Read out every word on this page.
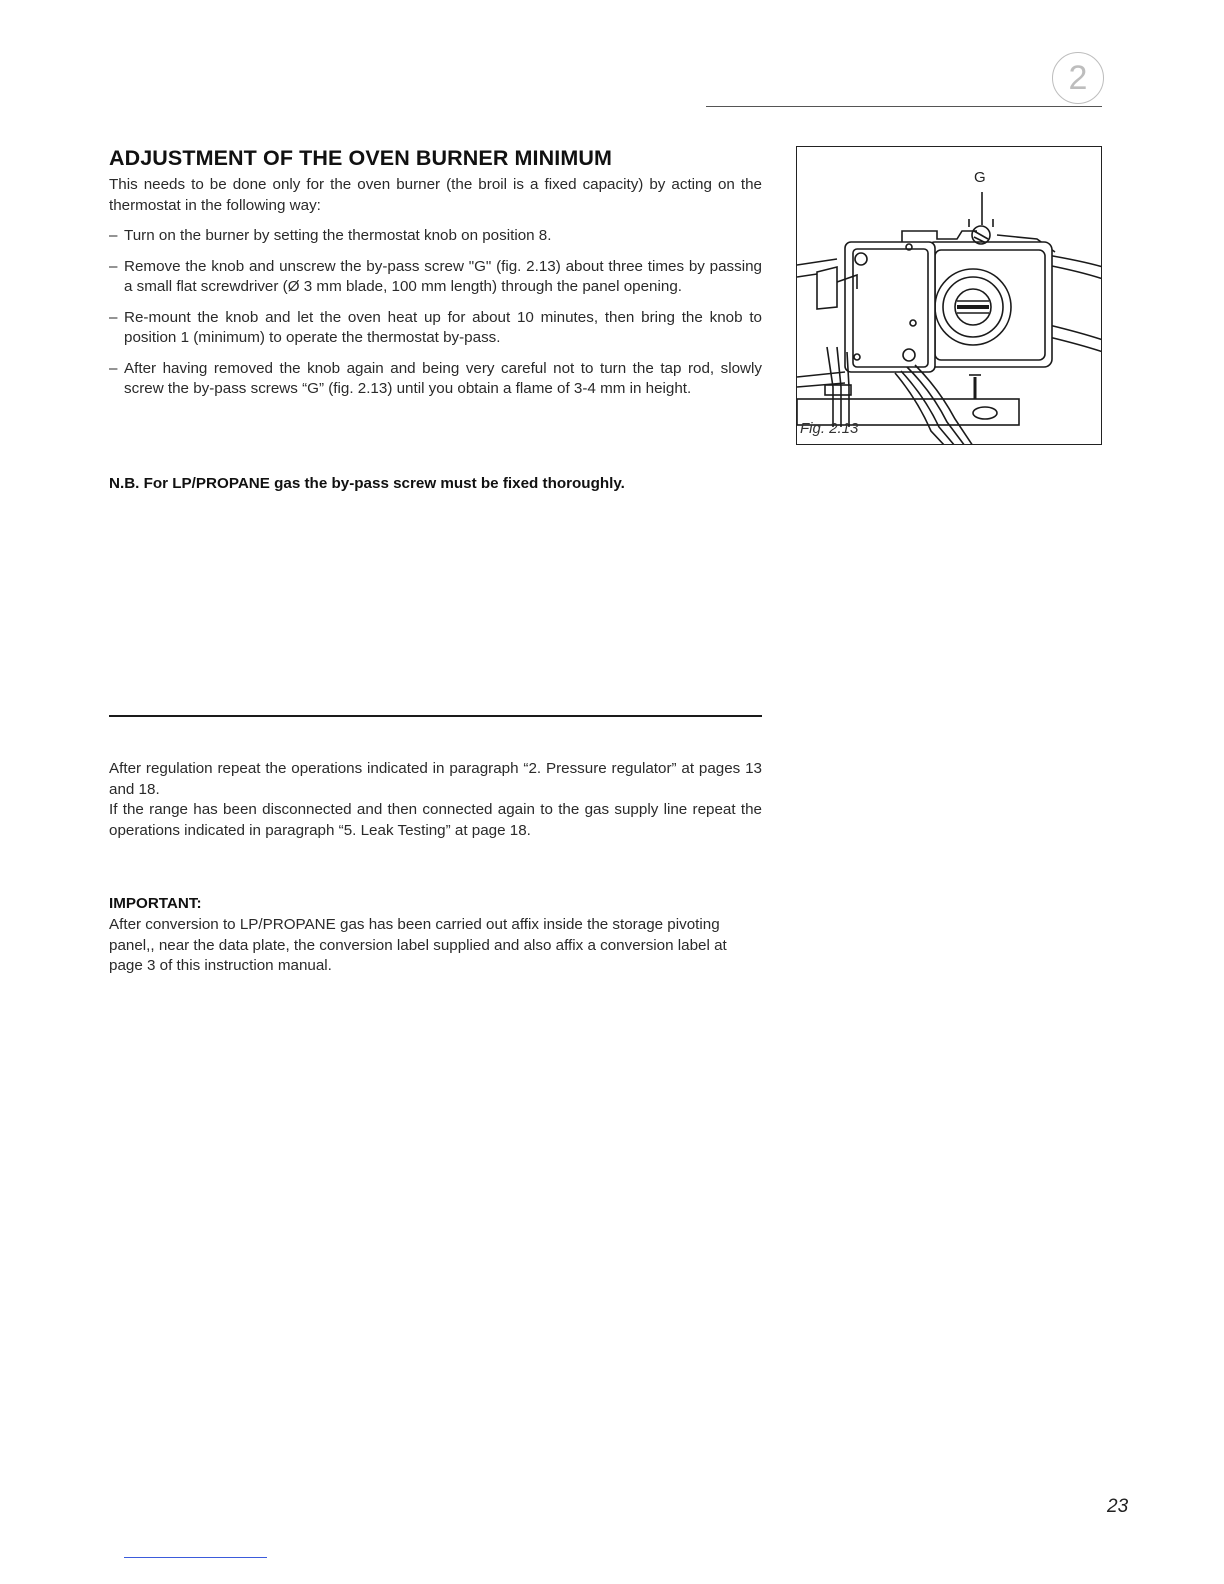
2
ADJUSTMENT OF THE OVEN BURNER MINIMUM
This needs to be done only for the oven burner (the broil is a fixed capacity) by acting on the thermostat in the following way:
– Turn on the burner by setting the thermostat knob on position 8.
– Remove the knob and unscrew the by-pass screw "G" (fig. 2.13) about three times by passing a small flat screwdriver (Ø 3 mm blade, 100 mm length) through the panel opening.
– Re-mount the knob and let the oven heat up for about 10 minutes, then bring the knob to position 1 (minimum) to operate the thermostat by-pass.
– After having removed the knob again and being very careful not to turn the tap rod, slowly screw the by-pass screws “G” (fig. 2.13) until you obtain a flame of 3-4 mm in height.
N.B. For LP/PROPANE gas the by-pass screw must be fixed thoroughly.
G
Fig. 2.13
After regulation repeat the operations indicated in paragraph “2. Pressure regulator” at pages 13 and 18.
If the range has been disconnected and then connected again to the gas supply line repeat the operations indicated in paragraph “5. Leak Testing” at page 18.
IMPORTANT:
After conversion to LP/PROPANE gas has been carried out affix inside the storage pivoting panel,, near the data plate, the conversion label supplied and also affix a conversion label at page 3 of this instruction manual.
23
